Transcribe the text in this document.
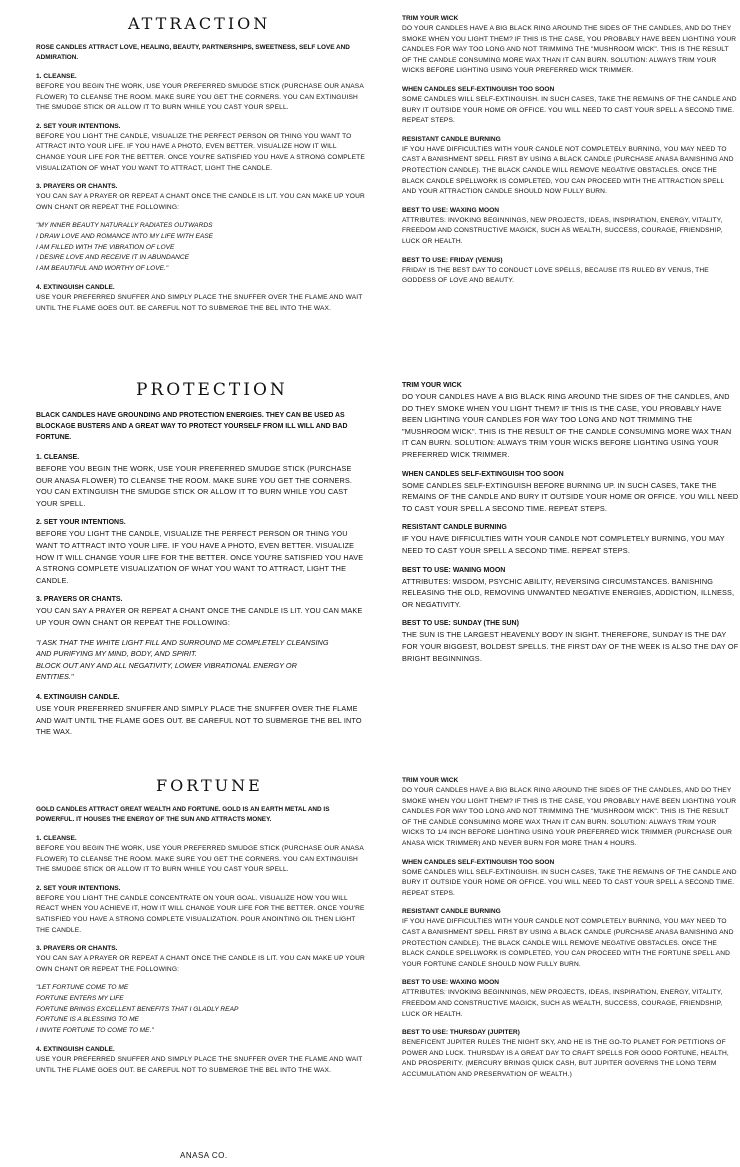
ATTRACTION

ROSE CANDLES ATTRACT LOVE, HEALING, BEAUTY, PARTNERSHIPS, SWEETNESS, SELF LOVE AND ADMIRATION.

1. CLEANSE.

BEFORE YOU BEGIN THE WORK, USE YOUR PREFERRED SMUDGE STICK (PURCHASE OUR ANASA FLOWER) TO CLEANSE THE ROOM. MAKE SURE YOU GET THE CORNERS. YOU CAN EXTINGUISH THE SMUDGE STICK OR ALLOW IT TO BURN WHILE YOU CAST YOUR SPELL.

2. SET YOUR INTENTIONS.

BEFORE YOU LIGHT THE CANDLE, VISUALIZE THE PERFECT PERSON OR THING YOU WANT TO ATTRACT INTO YOUR LIFE. IF YOU HAVE A PHOTO, EVEN BETTER. VISUALIZE HOW IT WILL CHANGE YOUR LIFE FOR THE BETTER. ONCE YOU'RE SATISFIED YOU HAVE A STRONG COMPLETE VISUALIZATION OF WHAT YOU WANT TO ATTRACT, LIGHT THE CANDLE.

3. PRAYERS OR CHANTS.

YOU CAN SAY A PRAYER OR REPEAT A CHANT ONCE THE CANDLE IS LIT. YOU CAN MAKE UP YOUR OWN CHANT OR REPEAT THE FOLLOWING:

"MY INNER BEAUTY NATURALLY RADIATES OUTWARDS
I DRAW LOVE AND ROMANCE INTO MY LIFE WITH EASE
I AM FILLED WITH THE VIBRATION OF LOVE
I DESIRE LOVE AND RECEIVE IT IN ABUNDANCE
I AM BEAUTIFUL AND WORTHY OF LOVE."

4. EXTINGUISH CANDLE.

USE YOUR PREFERRED SNUFFER AND SIMPLY PLACE THE SNUFFER OVER THE FLAME AND WAIT UNTIL THE FLAME GOES OUT. BE CAREFUL NOT TO SUBMERGE THE BEL INTO THE WAX.

TRIM YOUR WICK

DO YOUR CANDLES HAVE A BIG BLACK RING AROUND THE SIDES OF THE CANDLES, AND DO THEY SMOKE WHEN YOU LIGHT THEM? IF THIS IS THE CASE, YOU PROBABLY HAVE BEEN LIGHTING YOUR CANDLES FOR WAY TOO LONG AND NOT TRIMMING THE "MUSHROOM WICK". THIS IS THE RESULT OF THE CANDLE CONSUMING MORE WAX THAN IT CAN BURN. SOLUTION: ALWAYS TRIM YOUR WICKS BEFORE LIGHTING USING YOUR PREFERRED WICK TRIMMER.

WHEN CANDLES SELF-EXTINGUISH TOO SOON

SOME CANDLES WILL SELF-EXTINGUISH. IN SUCH CASES, TAKE THE REMAINS OF THE CANDLE AND BURY IT OUTSIDE YOUR HOME OR OFFICE. YOU WILL NEED TO CAST YOUR SPELL A SECOND TIME. REPEAT STEPS.

RESISTANT CANDLE BURNING

IF YOU HAVE DIFFICULTIES WITH YOUR CANDLE NOT COMPLETELY BURNING, YOU MAY NEED TO CAST A BANISHMENT SPELL FIRST BY USING A BLACK CANDLE (PURCHASE ANASA BANISHING AND PROTECTION CANDLE). THE BLACK CANDLE WILL REMOVE NEGATIVE OBSTACLES. ONCE THE BLACK CANDLE SPELLWORK IS COMPLETED, YOU CAN PROCEED WITH THE ATTRACTION SPELL AND YOUR ATTRACTION CANDLE SHOULD NOW FULLY BURN.

BEST TO USE: WAXING MOON

ATTRIBUTES: INVOKING BEGINNINGS, NEW PROJECTS, IDEAS, INSPIRATION, ENERGY, VITALITY, FREEDOM AND CONSTRUCTIVE MAGICK, SUCH AS WEALTH, SUCCESS, COURAGE, FRIENDSHIP, LUCK OR HEALTH.

BEST TO USE: FRIDAY (VENUS)

FRIDAY IS THE BEST DAY TO CONDUCT LOVE SPELLS, BECAUSE ITS RULED BY VENUS, THE GODDESS OF LOVE AND BEAUTY.

PROTECTION

BLACK CANDLES HAVE GROUNDING AND PROTECTION ENERGIES. THEY CAN BE USED AS BLOCKAGE BUSTERS AND A GREAT WAY TO PROTECT YOURSELF FROM ILL WILL AND BAD FORTUNE.

1. CLEANSE.

BEFORE YOU BEGIN THE WORK, USE YOUR PREFERRED SMUDGE STICK (PURCHASE OUR ANASA FLOWER) TO CLEANSE THE ROOM. MAKE SURE YOU GET THE CORNERS. YOU CAN EXTINGUISH THE SMUDGE STICK OR ALLOW IT TO BURN WHILE YOU CAST YOUR SPELL.

2. SET YOUR INTENTIONS.

BEFORE YOU LIGHT THE CANDLE, VISUALIZE THE PERFECT PERSON OR THING YOU WANT TO ATTRACT INTO YOUR LIFE. IF YOU HAVE A PHOTO, EVEN BETTER. VISUALIZE HOW IT WILL CHANGE YOUR LIFE FOR THE BETTER. ONCE YOU'RE SATISFIED YOU HAVE A STRONG COMPLETE VISUALIZATION OF WHAT YOU WANT TO ATTRACT, LIGHT THE CANDLE.

3. PRAYERS OR CHANTS.

YOU CAN SAY A PRAYER OR REPEAT A CHANT ONCE THE CANDLE IS LIT. YOU CAN MAKE UP YOUR OWN CHANT OR REPEAT THE FOLLOWING:

"I ASK THAT THE WHITE LIGHT FILL AND SURROUND ME COMPLETELY CLEANSING
AND PURIFYING MY MIND, BODY, AND SPIRIT.
BLOCK OUT ANY AND ALL NEGATIVITY, LOWER VIBRATIONAL ENERGY OR
ENTITIES."

4. EXTINGUISH CANDLE.

USE YOUR PREFERRED SNUFFER AND SIMPLY PLACE THE SNUFFER OVER THE FLAME AND WAIT UNTIL THE FLAME GOES OUT. BE CAREFUL NOT TO SUBMERGE THE BEL INTO THE WAX.

TRIM YOUR WICK

DO YOUR CANDLES HAVE A BIG BLACK RING AROUND THE SIDES OF THE CANDLES, AND DO THEY SMOKE WHEN YOU LIGHT THEM? IF THIS IS THE CASE, YOU PROBABLY HAVE BEEN LIGHTING YOUR CANDLES FOR WAY TOO LONG AND NOT TRIMMING THE "MUSHROOM WICK". THIS IS THE RESULT OF THE CANDLE CONSUMING MORE WAX THAN IT CAN BURN. SOLUTION: ALWAYS TRIM YOUR WICKS BEFORE LIGHTING USING YOUR PREFERRED WICK TRIMMER.

WHEN CANDLES SELF-EXTINGUISH TOO SOON

SOME CANDLES SELF-EXTINGUISH BEFORE BURNING UP. IN SUCH CASES, TAKE THE REMAINS OF THE CANDLE AND BURY IT OUTSIDE YOUR HOME OR OFFICE. YOU WILL NEED TO CAST YOUR SPELL A SECOND TIME. REPEAT STEPS.

RESISTANT CANDLE BURNING

IF YOU HAVE DIFFICULTIES WITH YOUR CANDLE NOT COMPLETELY BURNING, YOU MAY NEED TO CAST YOUR SPELL A SECOND TIME. REPEAT STEPS.

BEST TO USE: WANING MOON

ATTRIBUTES: WISDOM, PSYCHIC ABILITY, REVERSING CIRCUMSTANCES. BANISHING RELEASING THE OLD, REMOVING UNWANTED NEGATIVE ENERGIES, ADDICTION, ILLNESS, OR NEGATIVITY.

BEST TO USE: SUNDAY (THE SUN)

THE SUN IS THE LARGEST HEAVENLY BODY IN SIGHT. THEREFORE, SUNDAY IS THE DAY FOR YOUR BIGGEST, BOLDEST SPELLS. THE FIRST DAY OF THE WEEK IS ALSO THE DAY OF BRIGHT BEGINNINGS.

FORTUNE

GOLD CANDLES ATTRACT GREAT WEALTH AND FORTUNE. GOLD IS AN EARTH METAL AND IS POWERFUL. IT HOUSES THE ENERGY OF THE SUN AND ATTRACTS MONEY.

1. CLEANSE.

BEFORE YOU BEGIN THE WORK, USE YOUR PREFERRED SMUDGE STICK (PURCHASE OUR ANASA FLOWER) TO CLEANSE THE ROOM. MAKE SURE YOU GET THE CORNERS. YOU CAN EXTINGUISH THE SMUDGE STICK OR ALLOW IT TO BURN WHILE YOU CAST YOUR SPELL.

2. SET YOUR INTENTIONS.

BEFORE YOU LIGHT THE CANDLE CONCENTRATE ON YOUR GOAL. VISUALIZE HOW YOU WILL REACT WHEN YOU ACHIEVE IT, HOW IT WILL CHANGE YOUR LIFE FOR THE BETTER. ONCE YOU'RE SATISFIED YOU HAVE A STRONG COMPLETE VISUALIZATION. POUR ANOINTING OIL THEN LIGHT THE CANDLE.

3. PRAYERS OR CHANTS.

YOU CAN SAY A PRAYER OR REPEAT A CHANT ONCE THE CANDLE IS LIT. YOU CAN MAKE UP YOUR OWN CHANT OR REPEAT THE FOLLOWING:

"LET FORTUNE COME TO ME
FORTUNE ENTERS MY LIFE
FORTUNE BRINGS EXCELLENT BENEFITS THAT I GLADLY REAP
FORTUNE IS A BLESSING TO ME
I INVITE FORTUNE TO COME TO ME."

4. EXTINGUISH CANDLE.

USE YOUR PREFERRED SNUFFER AND SIMPLY PLACE THE SNUFFER OVER THE FLAME AND WAIT UNTIL THE FLAME GOES OUT. BE CAREFUL NOT TO SUBMERGE THE BEL INTO THE WAX.

TRIM YOUR WICK

DO YOUR CANDLES HAVE A BIG BLACK RING AROUND THE SIDES OF THE CANDLES, AND DO THEY SMOKE WHEN YOU LIGHT THEM? IF THIS IS THE CASE, YOU PROBABLY HAVE BEEN LIGHTING YOUR CANDLES FOR WAY TOO LONG AND NOT TRIMMING THE "MUSHROOM WICK". THIS IS THE RESULT OF THE CANDLE CONSUMING MORE WAX THAN IT CAN BURN. SOLUTION: ALWAYS TRIM YOUR WICKS TO 1/4 INCH BEFORE LIGHTING USING YOUR PREFERRED WICK TRIMMER (PURCHASE OUR ANASA WICK TRIMMER) AND NEVER BURN FOR MORE THAN 4 HOURS.

WHEN CANDLES SELF-EXTINGUISH TOO SOON

SOME CANDLES WILL SELF-EXTINGUISH. IN SUCH CASES, TAKE THE REMAINS OF THE CANDLE AND BURY IT OUTSIDE YOUR HOME OR OFFICE. YOU WILL NEED TO CAST YOUR SPELL A SECOND TIME. REPEAT STEPS.

RESISTANT CANDLE BURNING

IF YOU HAVE DIFFICULTIES WITH YOUR CANDLE NOT COMPLETELY BURNING, YOU MAY NEED TO CAST A BANISHMENT SPELL FIRST BY USING A BLACK CANDLE (PURCHASE ANASA BANISHING AND PROTECTION CANDLE). THE BLACK CANDLE WILL REMOVE NEGATIVE OBSTACLES. ONCE THE BLACK CANDLE SPELLWORK IS COMPLETED, YOU CAN PROCEED WITH THE FORTUNE SPELL AND YOUR FORTUNE CANDLE SHOULD NOW FULLY BURN.

BEST TO USE: WAXING MOON

ATTRIBUTES: INVOKING BEGINNINGS, NEW PROJECTS, IDEAS, INSPIRATION, ENERGY, VITALITY, FREEDOM AND CONSTRUCTIVE MAGICK, SUCH AS WEALTH, SUCCESS, COURAGE, FRIENDSHIP, LUCK OR HEALTH.

BEST TO USE: THURSDAY (JUPITER)

BENEFICENT JUPITER RULES THE NIGHT SKY, AND HE IS THE GO-TO PLANET FOR PETITIONS OF POWER AND LUCK. THURSDAY IS A GREAT DAY TO CRAFT SPELLS FOR GOOD FORTUNE, HEALTH, AND PROSPERITY. (MERCURY BRINGS QUICK CASH, BUT JUPITER GOVERNS THE LONG TERM ACCUMULATION AND PRESERVATION OF WEALTH.)

ANASA CO.
